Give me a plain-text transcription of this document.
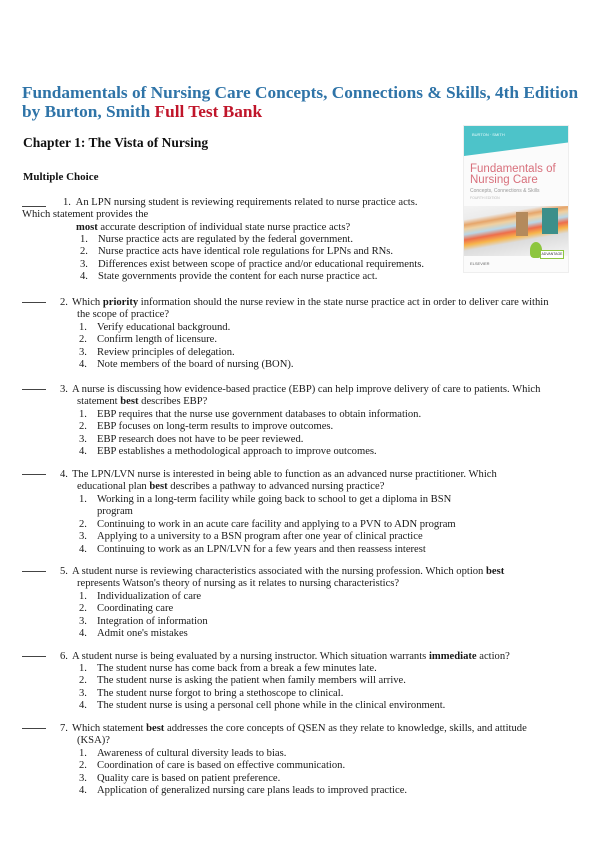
Fundamentals of Nursing Care Concepts, Connections & Skills, 4th Edition by Burton, Smith Full Test Bank
Chapter 1: The Vista of Nursing
Multiple Choice
BURTON · SMITH
Fundamentals of Nursing Care
Concepts, Connections & Skills
FOURTH EDITION
ADVANTAGE
ELSEVIER
1. An LPN nursing student is reviewing requirements related to nurse practice acts.
Which statement provides the
most accurate description of individual state nurse practice acts?
1. Nurse practice acts are regulated by the federal government.
2. Nurse practice acts have identical role regulations for LPNs and RNs.
3. Differences exist between scope of practice and/or educational requirements.
4. State governments provide the content for each nurse practice act.
2. Which priority information should the nurse review in the state nurse practice act in order to deliver care within
the scope of practice?
1. Verify educational background.
2. Confirm length of licensure.
3. Review principles of delegation.
4. Note members of the board of nursing (BON).
3. A nurse is discussing how evidence-based practice (EBP) can help improve delivery of care to patients. Which
statement best describes EBP?
1. EBP requires that the nurse use government databases to obtain information.
2. EBP focuses on long-term results to improve outcomes.
3. EBP research does not have to be peer reviewed.
4. EBP establishes a methodological approach to improve outcomes.
4. The LPN/LVN nurse is interested in being able to function as an advanced nurse practitioner. Which
educational plan best describes a pathway to advanced nursing practice?
1. Working in a long-term facility while going back to school to get a diploma in BSN program
2. Continuing to work in an acute care facility and applying to a PVN to ADN program
3. Applying to a university to a BSN program after one year of clinical practice
4. Continuing to work as an LPN/LVN for a few years and then reassess interest
5. A student nurse is reviewing characteristics associated with the nursing profession. Which option best
represents Watson's theory of nursing as it relates to nursing characteristics?
1. Individualization of care
2. Coordinating care
3. Integration of information
4. Admit one's mistakes
6. A student nurse is being evaluated by a nursing instructor. Which situation warrants immediate action?
1. The student nurse has come back from a break a few minutes late.
2. The student nurse is asking the patient when family members will arrive.
3. The student nurse forgot to bring a stethoscope to clinical.
4. The student nurse is using a personal cell phone while in the clinical environment.
7. Which statement best addresses the core concepts of QSEN as they relate to knowledge, skills, and attitude
(KSA)?
1. Awareness of cultural diversity leads to bias.
2. Coordination of care is based on effective communication.
3. Quality care is based on patient preference.
4. Application of generalized nursing care plans leads to improved practice.
